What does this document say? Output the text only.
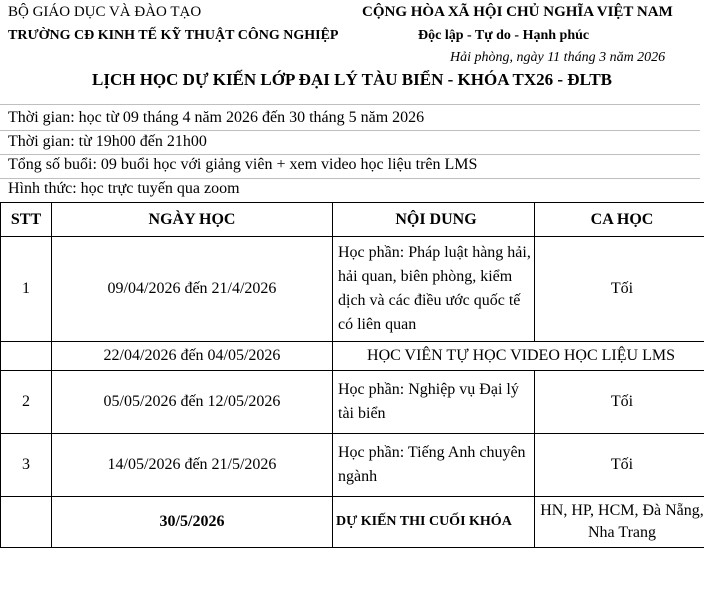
BỘ GIÁO DỤC VÀ ĐÀO TẠO
TRƯỜNG CĐ KINH TẾ KỸ THUẬT CÔNG NGHIỆP
CỘNG HÒA XÃ HỘI CHỦ NGHĨA VIỆT NAM
Độc lập - Tự do - Hạnh phúc
Hải phòng, ngày 11 tháng 3 năm 2026
LỊCH HỌC DỰ KIẾN LỚP ĐẠI LÝ TÀU BIỂN - KHÓA TX26 - ĐLTB
Thời gian: học từ 09 tháng 4 năm 2026 đến 30 tháng 5 năm 2026
Thời gian: từ 19h00 đến 21h00
Tổng số buổi: 09 buổi học với giảng viên + xem video học liệu trên LMS
Hình thức: học trực tuyến qua zoom
STT	NGÀY HỌC	NỘI DUNG	CA HỌC
1	09/04/2026 đến 21/4/2026	Học phần: Pháp luật hàng hải, hải quan, biên phòng, kiểm dịch và các điều ước quốc tế có liên quan	Tối
	22/04/2026 đến 04/05/2026	HỌC VIÊN TỰ HỌC VIDEO HỌC LIỆU LMS	
2	05/05/2026 đến 12/05/2026	Học phần: Nghiệp vụ Đại lý tài biển	Tối
3	14/05/2026 đến 21/5/2026	Học phần: Tiếng Anh chuyên ngành	Tối
	30/5/2026	DỰ KIẾN THI CUỐI KHÓA	HN, HP, HCM, Đà Nẵng, Nha Trang
